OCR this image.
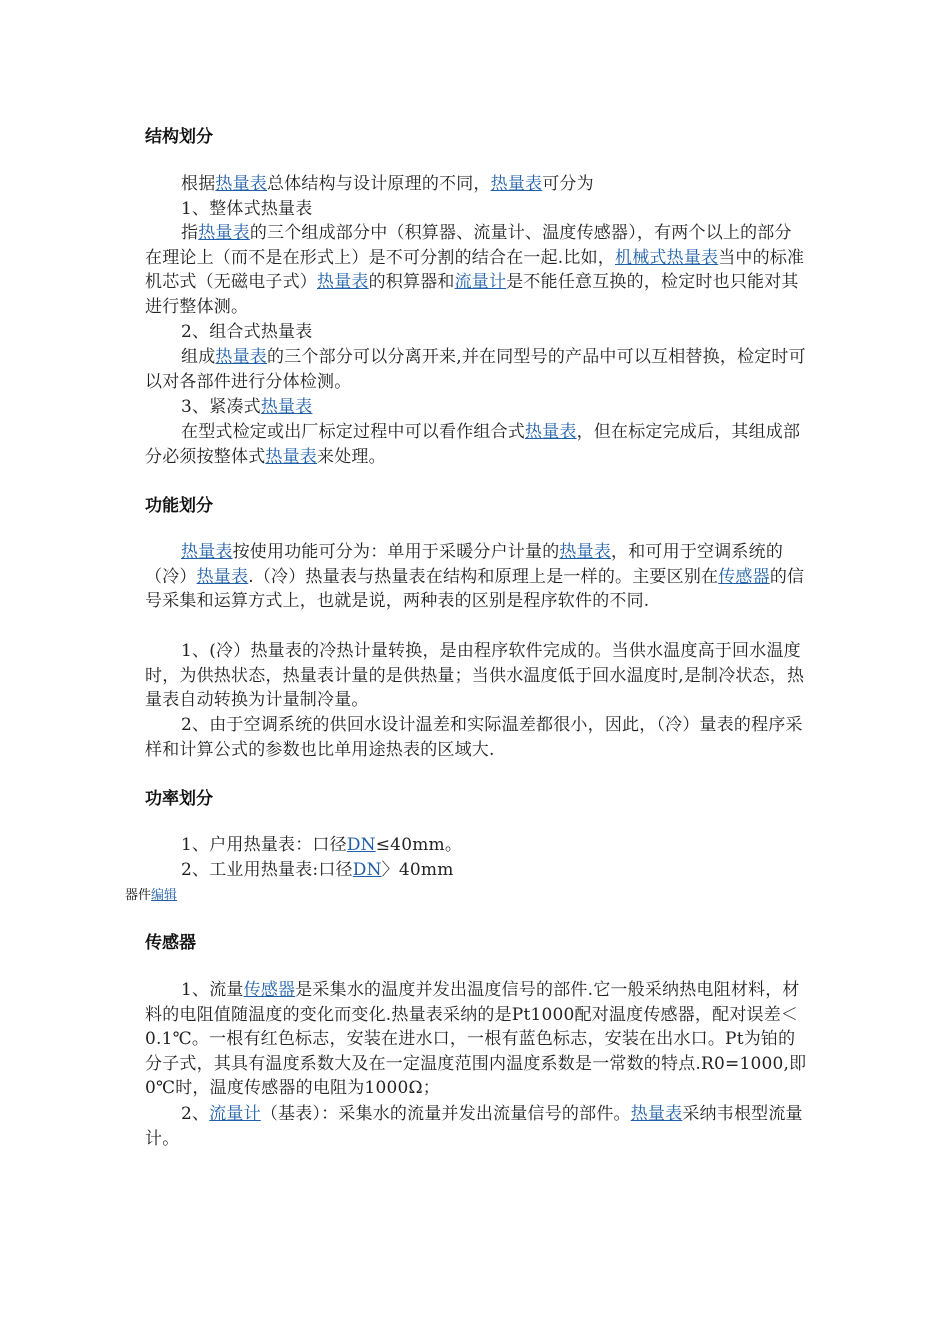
结构划分

根据热量表总体结构与设计原理的不同，热量表可分为

1、整体式热量表

指热量表的三个组成部分中（积算器、流量计、温度传感器），有两个以上的部分在理论上（而不是在形式上）是不可分割的结合在一起.比如，机械式热量表当中的标准机芯式（无磁电子式）热量表的积算器和流量计是不能任意互换的，检定时也只能对其进行整体测。

2、组合式热量表

组成热量表的三个部分可以分离开来,并在同型号的产品中可以互相替换，检定时可以对各部件进行分体检测。

3、紧凑式热量表

在型式检定或出厂标定过程中可以看作组合式热量表，但在标定完成后，其组成部分必须按整体式热量表来处理。

功能划分

热量表按使用功能可分为：单用于采暖分户计量的热量表，和可用于空调系统的（冷）热量表.（冷）热量表与热量表在结构和原理上是一样的。主要区别在传感器的信号采集和运算方式上，也就是说，两种表的区别是程序软件的不同.

1、(冷）热量表的冷热计量转换，是由程序软件完成的。当供水温度高于回水温度时，为供热状态，热量表计量的是供热量；当供水温度低于回水温度时,是制冷状态，热量表自动转换为计量制冷量。

2、由于空调系统的供回水设计温差和实际温差都很小，因此，（冷）量表的程序采样和计算公式的参数也比单用途热表的区域大.

功率划分

1、户用热量表：口径DN≤40mm。

2、工业用热量表:口径DN〉40mm

器件编辑
传感器

1、流量传感器是采集水的温度并发出温度信号的部件.它一般采纳热电阻材料，材料的电阻值随温度的变化而变化.热量表采纳的是Pt1000配对温度传感器，配对误差＜0.1℃。一根有红色标志，安装在进水口，一根有蓝色标志，安装在出水口。Pt为铂的分子式，其具有温度系数大及在一定温度范围内温度系数是一常数的特点.R0=1000,即0℃时，温度传感器的电阻为1000Ω；

2、流量计（基表）：采集水的流量并发出流量信号的部件。热量表采纳韦根型流量计。
